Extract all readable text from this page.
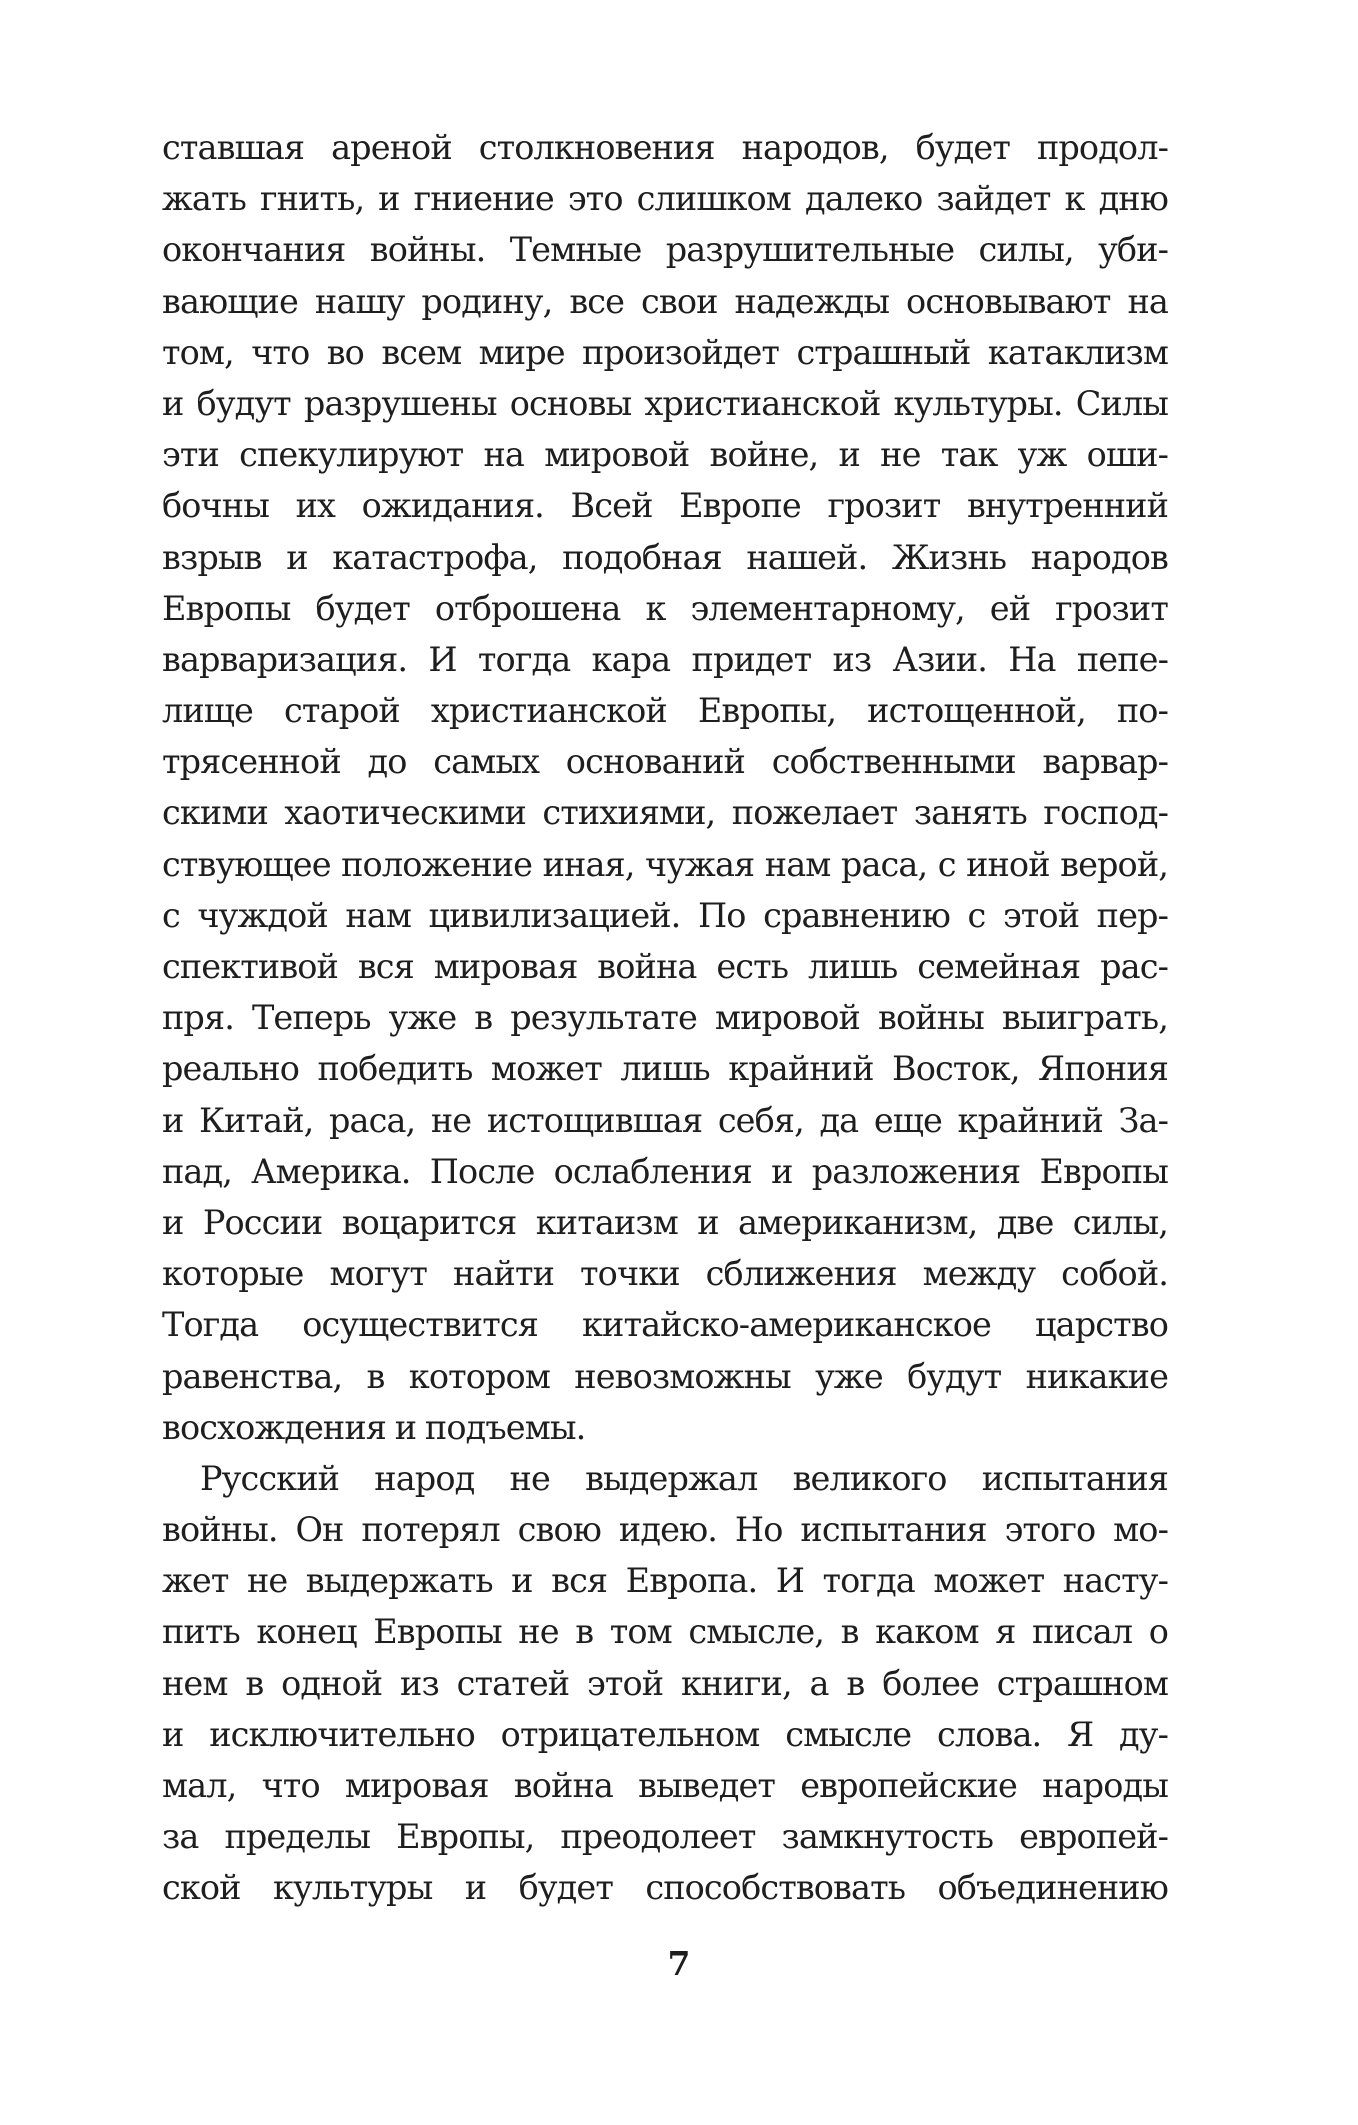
ставшая ареной столкновения народов, будет продол-
жать гнить, и гниение это слишком далеко зайдет к дню
окончания войны. Темные разрушительные силы, уби-
вающие нашу родину, все свои надежды основывают на
том, что во всем мире произойдет страшный катаклизм
и будут разрушены основы христианской культуры. Силы
эти спекулируют на мировой войне, и не так уж оши-
бочны их ожидания. Всей Европе грозит внутренний
взрыв и катастрофа, подобная нашей. Жизнь народов
Европы будет отброшена к элементарному, ей грозит
варваризация. И тогда кара придет из Азии. На пепе-
лище старой христианской Европы, истощенной, по-
трясенной до самых оснований собственными варвар-
скими хаотическими стихиями, пожелает занять господ-
ствующее положение иная, чужая нам раса, с иной верой,
с чуждой нам цивилизацией. По сравнению с этой пер-
спективой вся мировая война есть лишь семейная рас-
пря. Теперь уже в результате мировой войны выиграть,
реально победить может лишь крайний Восток, Япония
и Китай, раса, не истощившая себя, да еще крайний За-
пад, Америка. После ослабления и разложения Европы
и России воцарится китаизм и американизм, две силы,
которые могут найти точки сближения между собой.
Тогда осуществится китайско-американское царство
равенства, в котором невозможны уже будут никакие
восхождения и подъемы.
Русский народ не выдержал великого испытания
войны. Он потерял свою идею. Но испытания этого мо-
жет не выдержать и вся Европа. И тогда может насту-
пить конец Европы не в том смысле, в каком я писал о
нем в одной из статей этой книги, а в более страшном
и исключительно отрицательном смысле слова. Я ду-
мал, что мировая война выведет европейские народы
за пределы Европы, преодолеет замкнутость европей-
ской культуры и будет способствовать объединению
7
